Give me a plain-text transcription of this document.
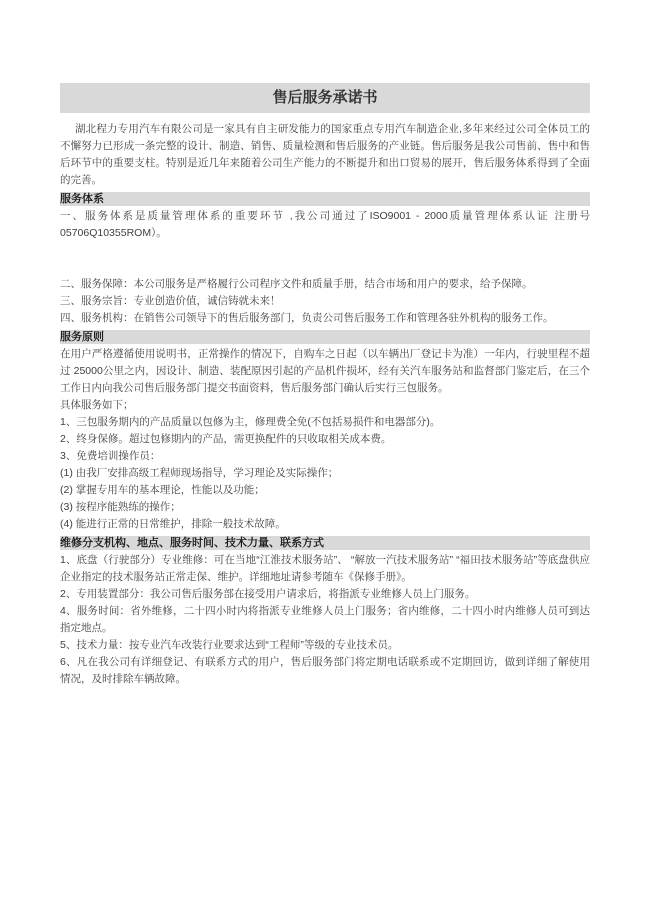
售后服务承诺书

湖北程力专用汽车有限公司是一家具有自主研发能力的国家重点专用汽车制造企业,多年来经过公司全体员工的不懈努力已形成一条完整的设计、制造、销售、质量检测和售后服务的产业链。售后服务是我公司售前、售中和售后环节中的重要支柱。特别是近几年来随着公司生产能力的不断提升和出口贸易的展开，售后服务体系得到了全面的完善。

服务体系
一、服务体系是质量管理体系的重要环节 ,我公司通过了ISO9001 - 2000质量管理体系认证 注册号05706Q10355ROM）。
二、服务保障：本公司服务是严格履行公司程序文件和质量手册，结合市场和用户的要求，给予保障。
三、服务宗旨：专业创造价值，诚信铸就未来！
四、服务机构：在销售公司领导下的售后服务部门，负责公司售后服务工作和管理各驻外机构的服务工作。
服务原则

在用户严格遵循使用说明书，正常操作的情况下，自购车之日起（以车辆出厂登记卡为准）一年内，行驶里程不超过 25000公里之内，因设计、制造、装配原因引起的产品机件损坏，经有关汽车服务站和监督部门鉴定后，在三个工作日内向我公司售后服务部门提交书面资料，售后服务部门确认后实行三包服务。

具体服务如下；
1、三包服务期内的产品质量以包修为主，修理费全免(不包括易损件和电器部分)。
2、终身保修。超过包修期内的产品，需更换配件的只收取相关成本费。
3、免费培训操作员：
(1) 由我厂安排高级工程师现场指导，学习理论及实际操作；
(2) 掌握专用车的基本理论，性能以及功能；
(3) 按程序能熟练的操作；
(4) 能进行正常的日常维护，排除一般技术故障。
维修分支机构、地点、服务时间、技术力量、联系方式
1、底盘（行驶部分）专业维修：可在当地“江淮技术服务站”、 “解放一汽技术服务站” “福田技术服务站”等底盘供应企业指定的技术服务站正常走保、维护。详细地址请参考随车《保修手册》。
2、专用装置部分：我公司售后服务部在接受用户请求后，将指派专业维修人员上门服务。
4、服务时间：省外维修，二十四小时内将指派专业维修人员上门服务；省内维修，二十四小时内维修人员可到达指定地点。
5、技术力量：按专业汽车改装行业要求达到“工程师”等级的专业技术员。
6、凡在我公司有详细登记、有联系方式的用户，售后服务部门将定期电话联系或不定期回访，做到详细了解使用情况，及时排除车辆故障。
